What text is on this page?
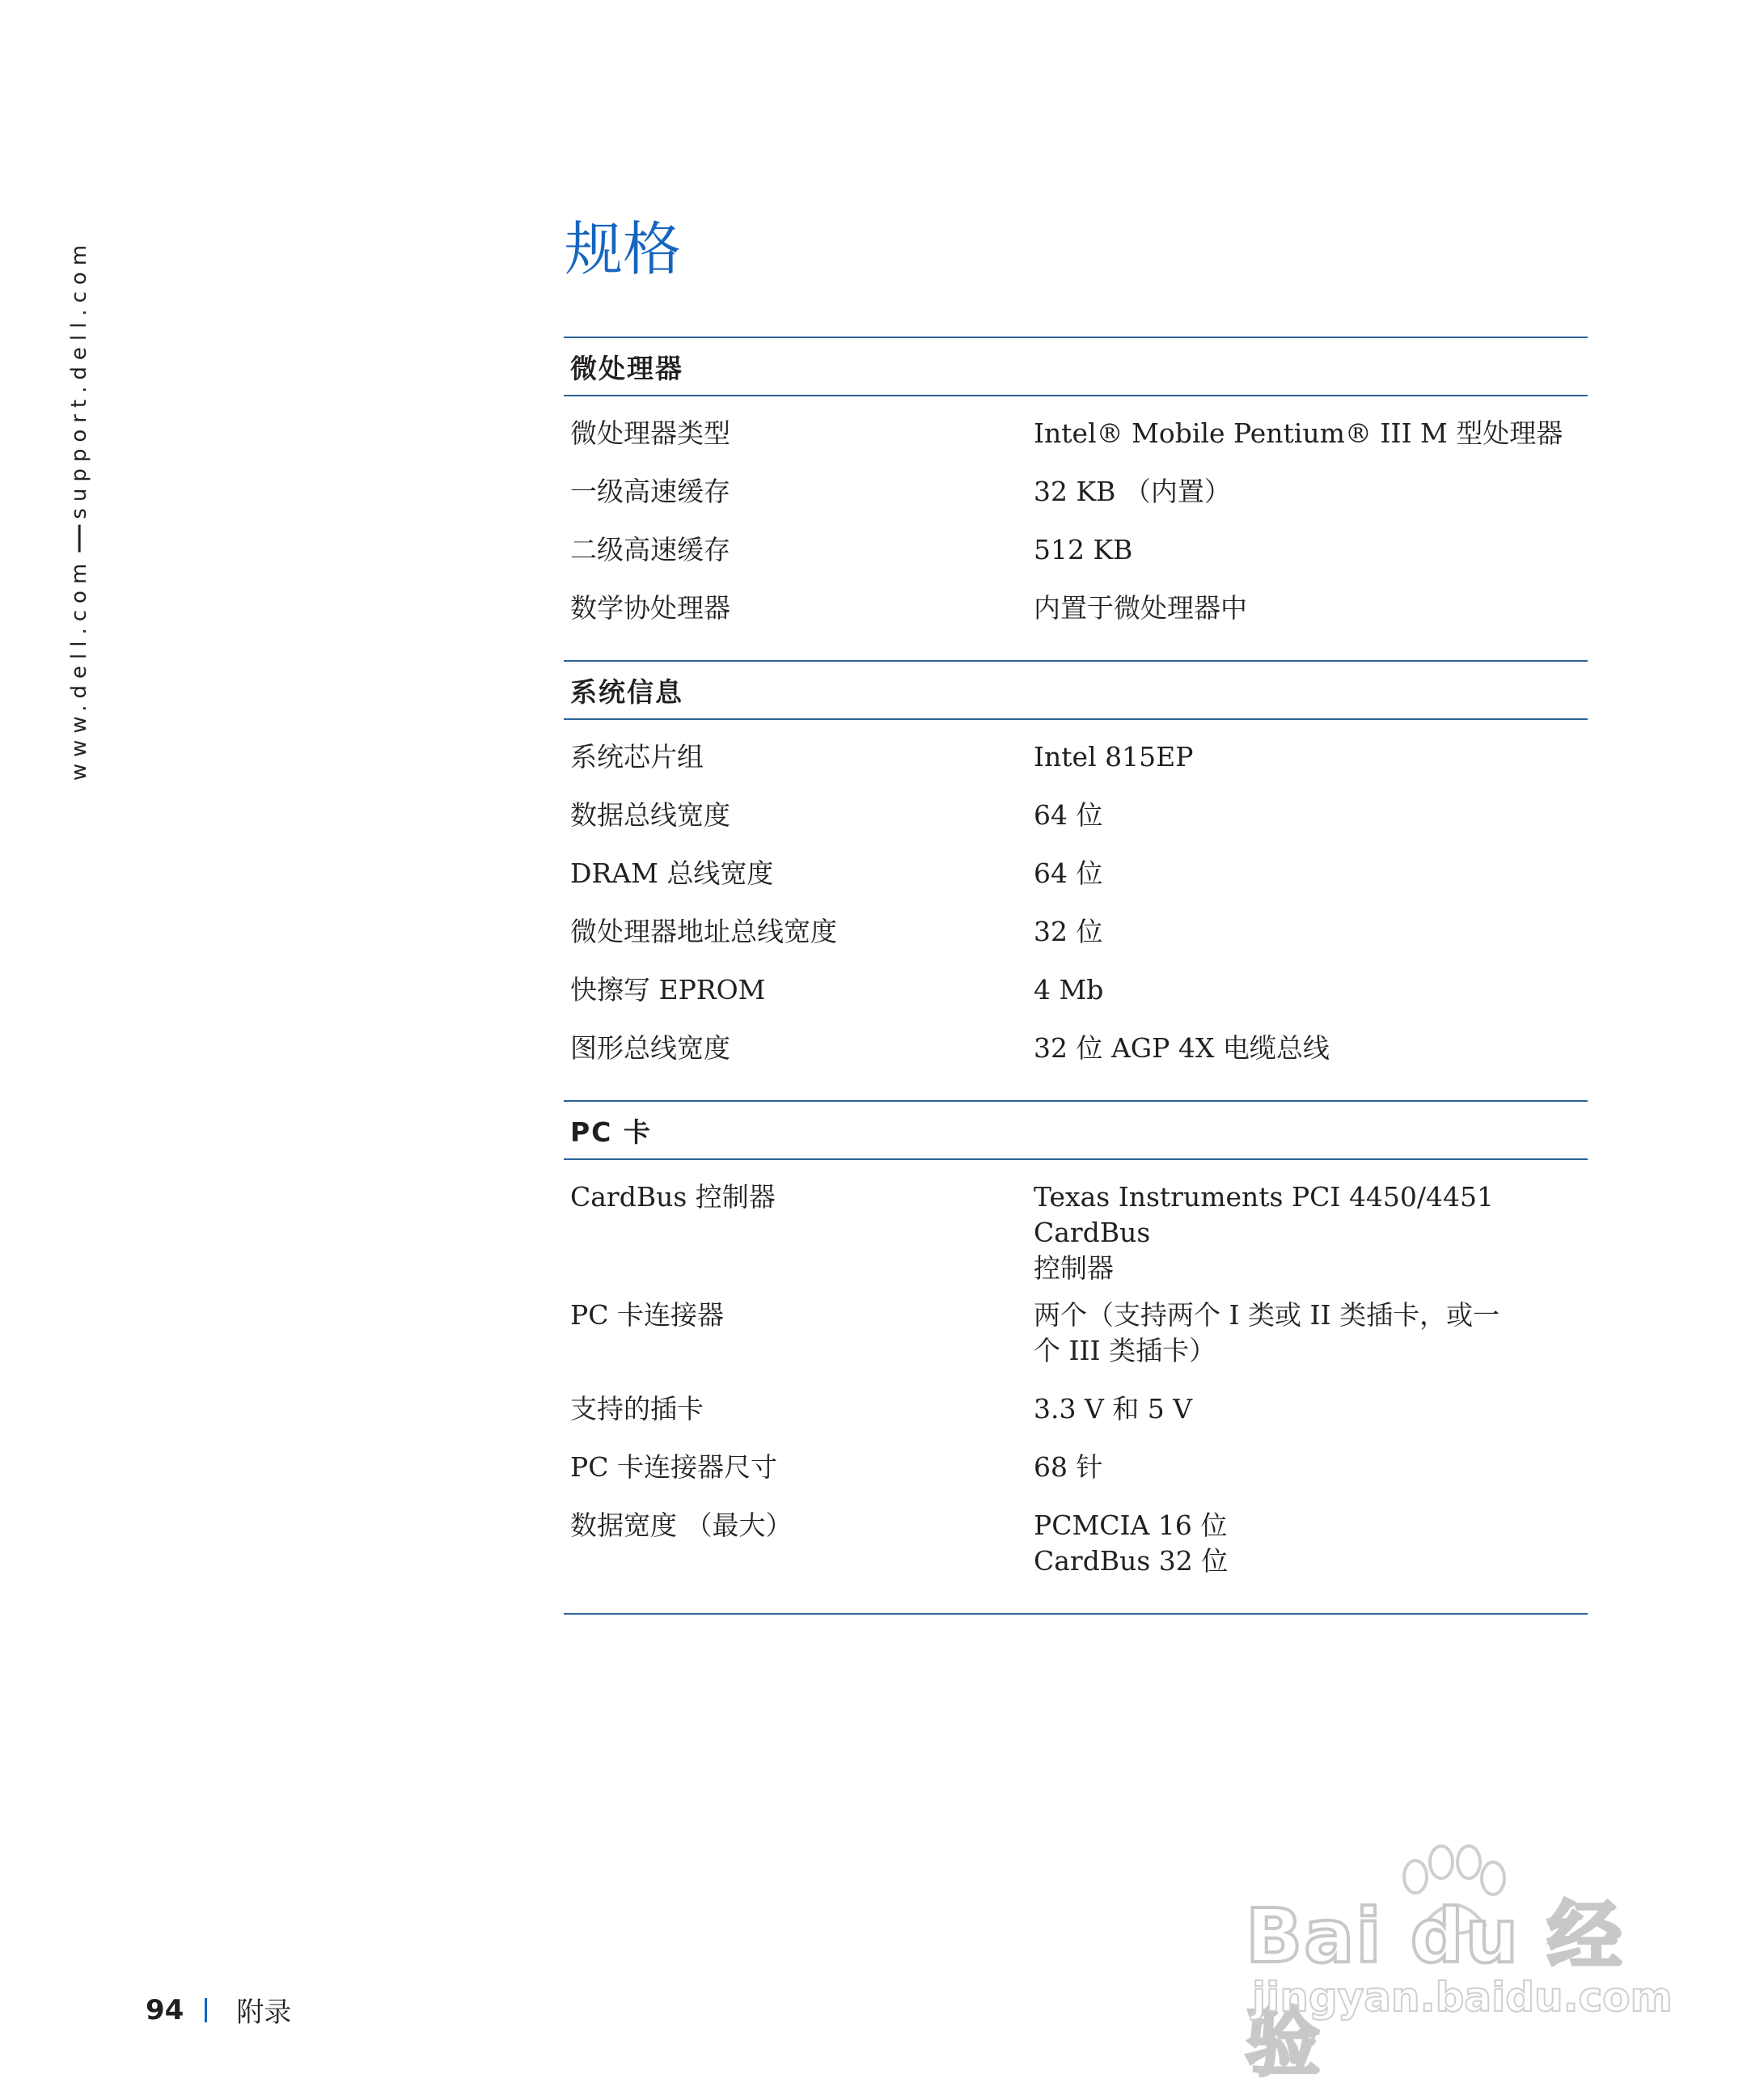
www.dell.com
support.dell.com	规格
微处理器
微处理器类型	Intel® Mobile Pentium® III M 型处理器
一级高速缓存	32 KB （内置）
二级高速缓存	512 KB
数学协处理器	内置于微处理器中
系统信息
系统芯片组	Intel 815EP
数据总线宽度	64 位
DRAM 总线宽度	64 位
微处理器地址总线宽度	32 位
快擦写 EPROM	4 Mb
图形总线宽度	32 位 AGP 4X 电缆总线
PC 卡
CardBus 控制器	Texas Instruments PCI 4450/4451 CardBus
控制器
PC 卡连接器	两个（支持两个 I 类或 II 类插卡，或一
个 III 类插卡）
支持的插卡	3.3 V 和 5 V
PC 卡连接器尺寸	68 针
数据宽度 （最大）	PCMCIA 16 位
CardBus 32 位
94 附录
Bai du 经验
jingyan.baidu.com
